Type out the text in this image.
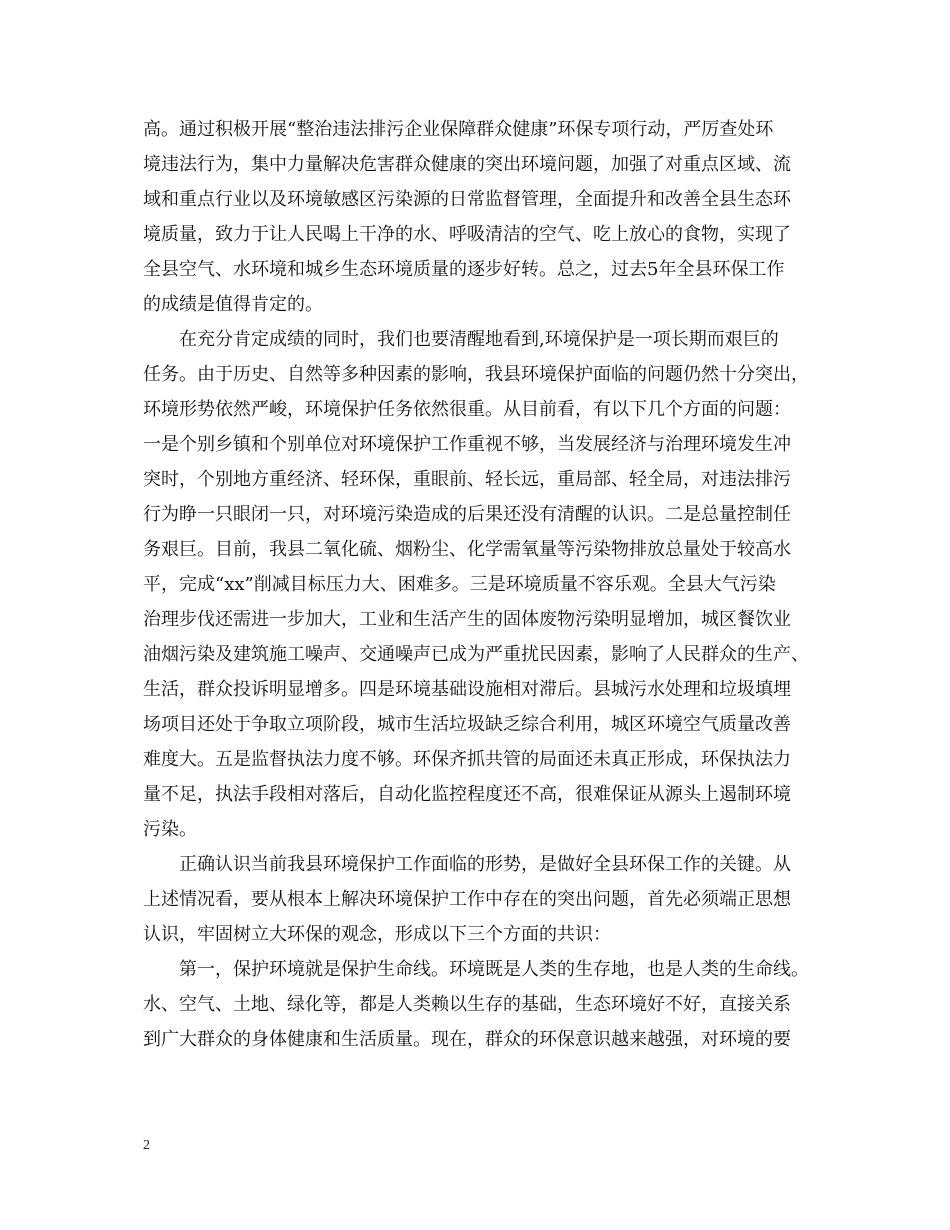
高。通过积极开展“整治违法排污企业保障群众健康”环保专项行动，严厉查处环

境违法行为，集中力量解决危害群众健康的突出环境问题，加强了对重点区域、流

域和重点行业以及环境敏感区污染源的日常监督管理，全面提升和改善全县生态环

境质量，致力于让人民喝上干净的水、呼吸清洁的空气、吃上放心的食物，实现了

全县空气、水环境和城乡生态环境质量的逐步好转。总之，过去5年全县环保工作

的成绩是值得肯定的。

在充分肯定成绩的同时，我们也要清醒地看到,环境保护是一项长期而艰巨的

任务。由于历史、自然等多种因素的影响，我县环境保护面临的问题仍然十分突出，

环境形势依然严峻，环境保护任务依然很重。从目前看，有以下几个方面的问题：

一是个别乡镇和个别单位对环境保护工作重视不够，当发展经济与治理环境发生冲

突时，个别地方重经济、轻环保，重眼前、轻长远，重局部、轻全局，对违法排污

行为睁一只眼闭一只，对环境污染造成的后果还没有清醒的认识。二是总量控制任

务艰巨。目前，我县二氧化硫、烟粉尘、化学需氧量等污染物排放总量处于较高水

平，完成“xx”削减目标压力大、困难多。三是环境质量不容乐观。全县大气污染

治理步伐还需进一步加大，工业和生活产生的固体废物污染明显增加，城区餐饮业

油烟污染及建筑施工噪声、交通噪声已成为严重扰民因素，影响了人民群众的生产、

生活，群众投诉明显增多。四是环境基础设施相对滞后。县城污水处理和垃圾填埋

场项目还处于争取立项阶段，城市生活垃圾缺乏综合利用，城区环境空气质量改善

难度大。五是监督执法力度不够。环保齐抓共管的局面还未真正形成，环保执法力

量不足，执法手段相对落后，自动化监控程度还不高，很难保证从源头上遏制环境

污染。

正确认识当前我县环境保护工作面临的形势，是做好全县环保工作的关键。从

上述情况看，要从根本上解决环境保护工作中存在的突出问题，首先必须端正思想

认识，牢固树立大环保的观念，形成以下三个方面的共识：

第一，保护环境就是保护生命线。环境既是人类的生存地，也是人类的生命线。

水、空气、土地、绿化等，都是人类赖以生存的基础，生态环境好不好，直接关系

到广大群众的身体健康和生活质量。现在，群众的环保意识越来越强，对环境的要

2
